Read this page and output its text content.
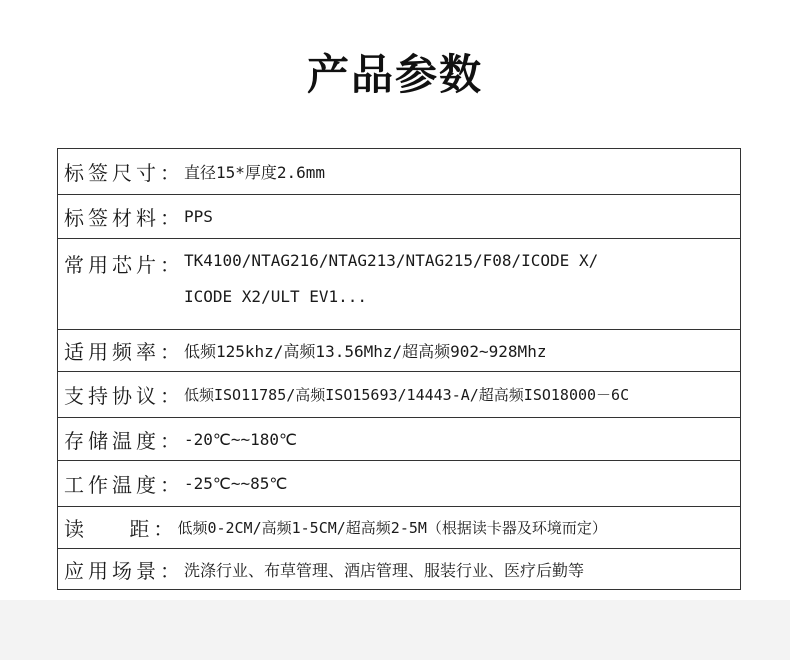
产品参数
标签尺寸： 直径15*厚度2.6mm
标签材料： PPS
常用芯片： TK4100/NTAG216/NTAG213/NTAG215/F08/ICODE X/
ICODE X2/ULT EV1...
适用频率： 低频125khz/高频13.56Mhz/超高频902~928Mhz
支持协议： 低频ISO11785/高频ISO15693/14443-A/超高频ISO18000－6C
存储温度： -20℃~~180℃
工作温度： -25℃~~85℃
读    距： 低频0-2CM/高频1-5CM/超高频2-5M（根据读卡器及环境而定）
应用场景： 洗涤行业、布草管理、酒店管理、服装行业、医疗后勤等
